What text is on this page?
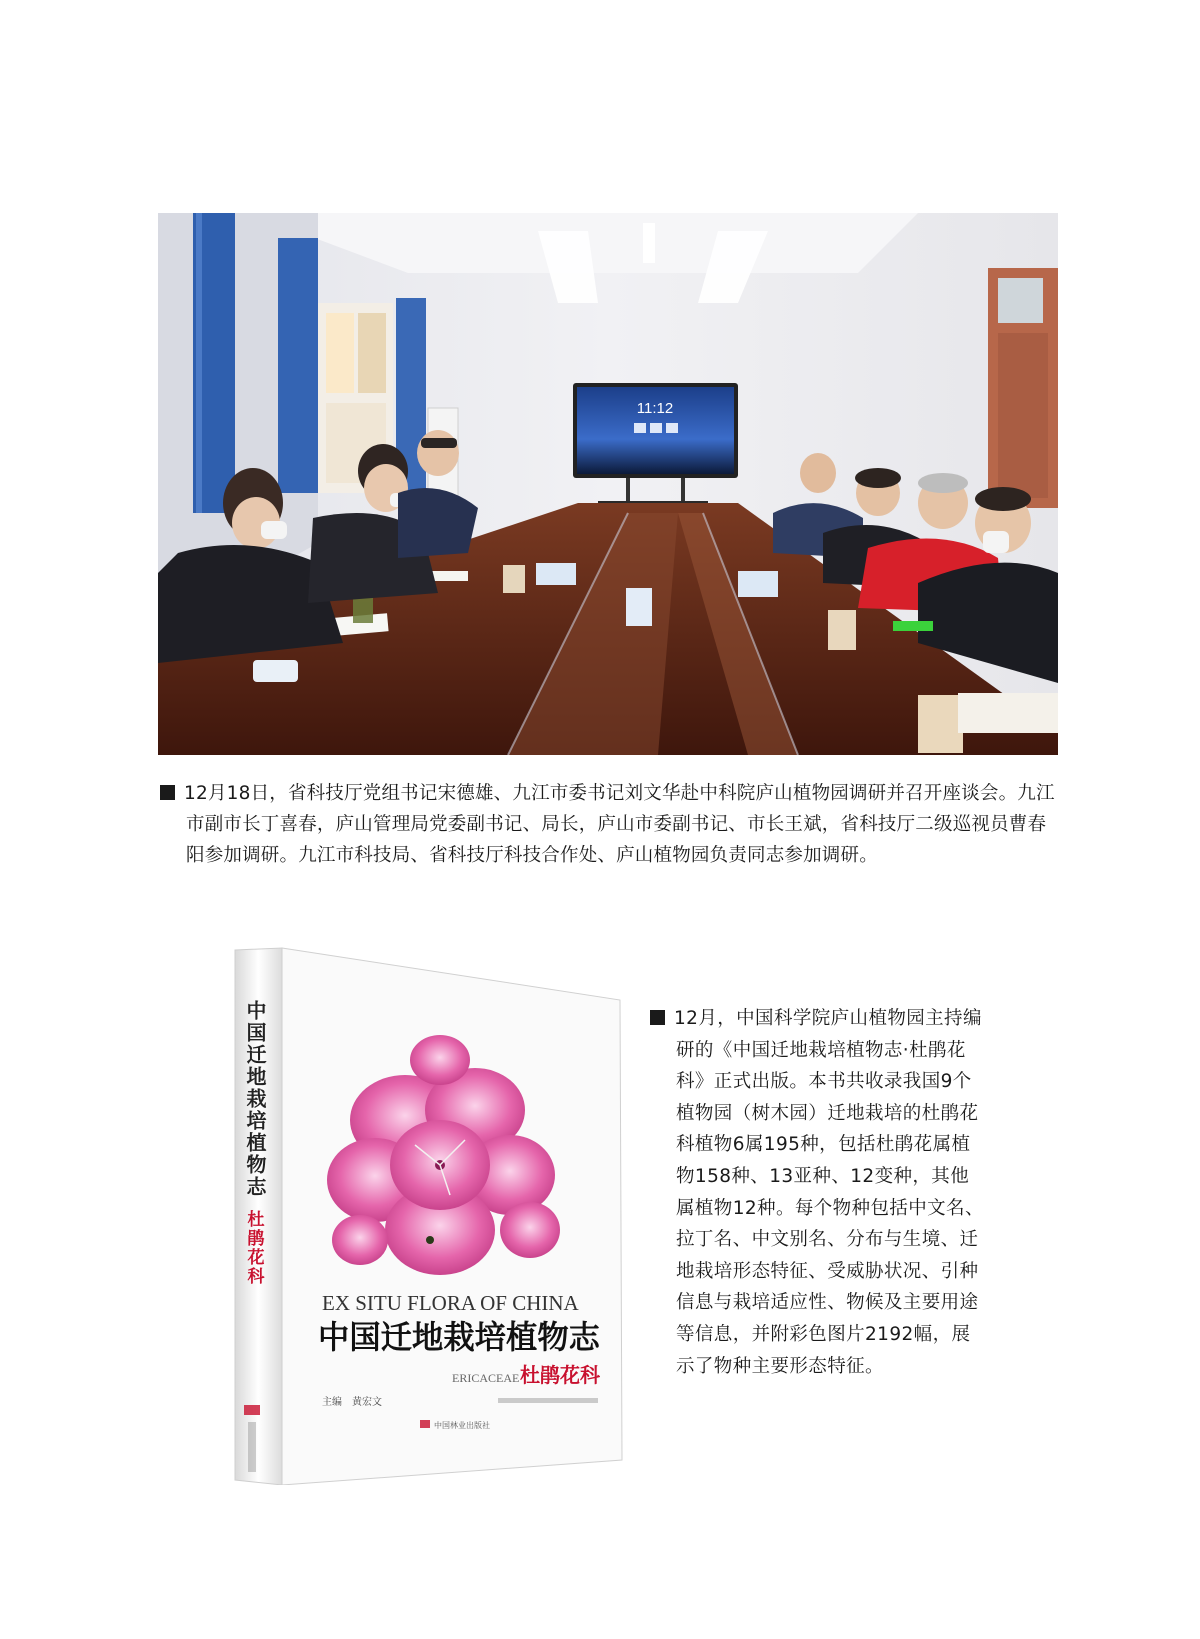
11:12
12月18日，省科技厅党组书记宋德雄、九江市委书记刘文华赴中科院庐山植物园调研并召开座谈会。九江市副市长丁喜春，庐山管理局党委副书记、局长，庐山市委副书记、市长王斌，省科技厅二级巡视员曹春阳参加调研。九江市科技局、省科技厅科技合作处、庐山植物园负责同志参加调研。
中国迁地栽培植物志
杜鹃花科
EX SITU FLORA OF CHINA
中国迁地栽培植物志
ERICACEAE 杜鹃花科
主编　黄宏文
中国林业出版社
12月，中国科学院庐山植物园主持编研的《中国迁地栽培植物志·杜鹃花科》正式出版。本书共收录我国9个植物园（树木园）迁地栽培的杜鹃花科植物6属195种，包括杜鹃花属植物158种、13亚种、12变种，其他属植物12种。每个物种包括中文名、拉丁名、中文别名、分布与生境、迁地栽培形态特征、受威胁状况、引种信息与栽培适应性、物候及主要用途等信息，并附彩色图片2192幅，展示了物种主要形态特征。
